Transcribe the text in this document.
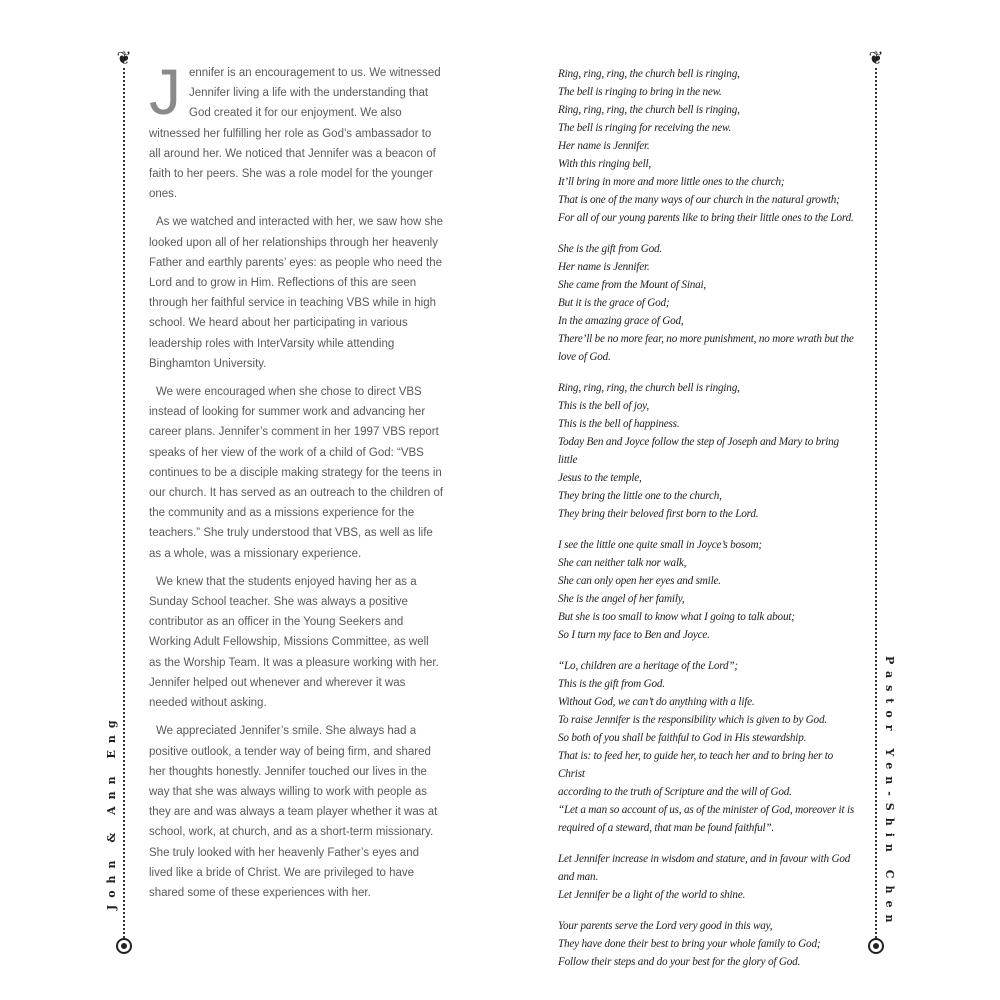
❦
John & Ann Eng
❦
Pastor Yen-Shin Chen

Jennifer is an encouragement to us. We witnessed Jennifer living a life with the understanding that God created it for our enjoyment. We also witnessed her fulfilling her role as God’s ambassador to all around her. We noticed that Jennifer was a beacon of faith to her peers. She was a role model for the younger ones.

As we watched and interacted with her, we saw how she looked upon all of her relationships through her heavenly Father and earthly parents’ eyes: as people who need the Lord and to grow in Him. Reflections of this are seen through her faithful service in teaching VBS while in high school. We heard about her participating in various leadership roles with InterVarsity while attending Binghamton University.

We were encouraged when she chose to direct VBS instead of looking for summer work and advancing her career plans. Jennifer’s comment in her 1997 VBS report speaks of her view of the work of a child of God: “VBS continues to be a disciple making strategy for the teens in our church. It has served as an outreach to the children of the community and as a missions experience for the teachers.” She truly understood that VBS, as well as life as a whole, was a missionary experience.

We knew that the students enjoyed having her as a Sunday School teacher. She was always a positive contributor as an officer in the Young Seekers and Working Adult Fellowship, Missions Committee, as well as the Worship Team. It was a pleasure working with her. Jennifer helped out whenever and wherever it was needed without asking.

We appreciated Jennifer’s smile. She always had a positive outlook, a tender way of being firm, and shared her thoughts honestly. Jennifer touched our lives in the way that she was always willing to work with people as they are and was always a team player whether it was at school, work, at church, and as a short-term missionary. She truly looked with her heavenly Father’s eyes and lived like a bride of Christ. We are privileged to have shared some of these experiences with her.

Ring, ring, ring, the church bell is ringing,
The bell is ringing to bring in the new.
Ring, ring, ring, the church bell is ringing,
The bell is ringing for receiving the new.
Her name is Jennifer.
With this ringing bell,
It’ll bring in more and more little ones to the church;
That is one of the many ways of our church in the natural growth;
For all of our young parents like to bring their little ones to the Lord.
She is the gift from God.
Her name is Jennifer.
She came from the Mount of Sinai,
But it is the grace of God;
In the amazing grace of God,
There’ll be no more fear, no more punishment, no more wrath but the
love of God.
Ring, ring, ring, the church bell is ringing,
This is the bell of joy,
This is the bell of happiness.
Today Ben and Joyce follow the step of Joseph and Mary to bring little
Jesus to the temple,
They bring the little one to the church,
They bring their beloved first born to the Lord.
I see the little one quite small in Joyce’s bosom;
She can neither talk nor walk,
She can only open her eyes and smile.
She is the angel of her family,
But she is too small to know what I going to talk about;
So I turn my face to Ben and Joyce.
“Lo, children are a heritage of the Lord”;
This is the gift from God.
Without God, we can’t do anything with a life.
To raise Jennifer is the responsibility which is given to by God.
So both of you shall be faithful to God in His stewardship.
That is: to feed her, to guide her, to teach her and to bring her to Christ
according to the truth of Scripture and the will of God.
“Let a man so account of us, as of the minister of God, moreover it is
required of a steward, that man be found faithful”.
Let Jennifer increase in wisdom and stature, and in favour with God
and man.
Let Jennifer be a light of the world to shine.
Your parents serve the Lord very good in this way,
They have done their best to bring your whole family to God;
Follow their steps and do your best for the glory of God.
